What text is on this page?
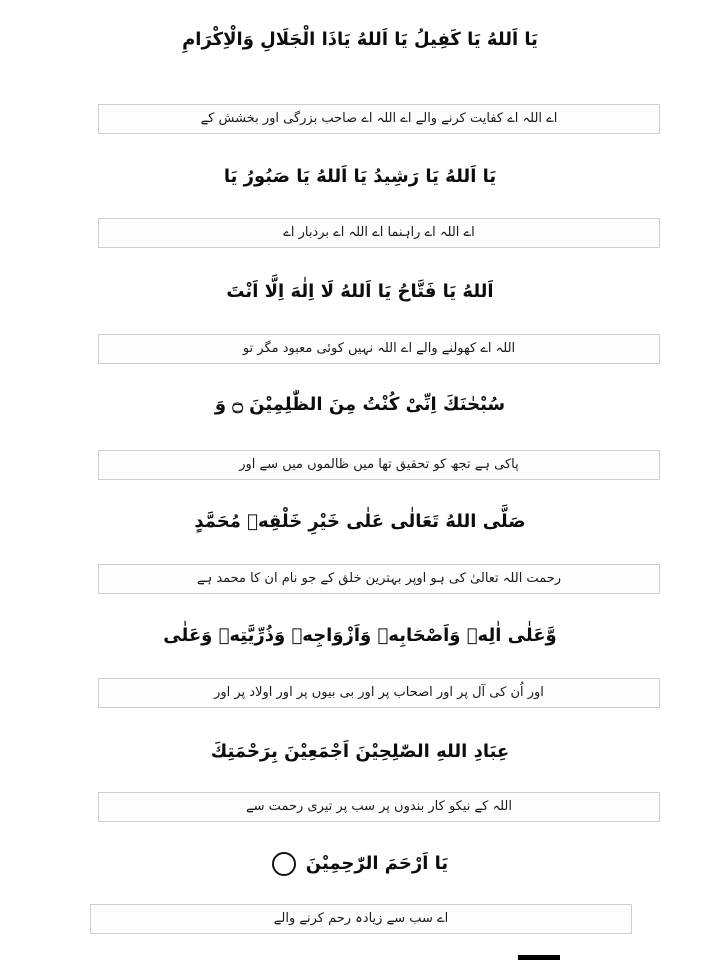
يَا اَللهُ يَا كَفِيلُ يَا اَللهُ يَاذَا الْجَلَالِ وَالْاِكْرَامِ
اے اللہ اے کفایت کرنے والے اے اللہ اے صاحب بزرگی اور بخشش کے
يَا اَللهُ يَا رَشِيدُ يَا اَللهُ يَا صَبُورُ يَا
اے اللہ اے راہنما اے اللہ اے بردبار اے
اَللهُ يَا فَتَّاحُ يَا اَللهُ لَا اِلٰهَ اِلَّا اَنْتَ
اللہ اے کھولنے والے اے اللہ نہیں کوئی معبود مگر تو
سُبْحٰنَكَ اِنِّیْ كُنْتُ مِنَ الظّٰلِمِيْنَ ۝ وَ
پاکی ہے تجھ کو تحقیق تھا میں ظالموں میں سے اور
صَلَّى اللهُ تَعَالٰى عَلٰى خَيْرِ خَلْقِهٖ مُحَمَّدٍ
رحمت اللہ تعالیٰ کی ہو اوپر بہترین خلق کے جو نام ان کا محمد ہے
وَّعَلٰى اٰلِهٖ وَاَصْحَابِهٖ وَاَزْوَاجِهٖ وَذُرِّيَّتِهٖ وَعَلٰى
اور اُن کی آل پر اور اصحاب پر اور بی بیوں پر اور اولاد پر اور
عِبَادِ اللهِ الصّٰلِحِيْنَ اَجْمَعِيْنَ بِرَحْمَتِكَ
اللہ کے نیکو کار بندوں پر سب پر تیری رحمت سے
يَا اَرْحَمَ الرّٰحِمِيْنَ
اے سب سے زیادہ رحم کرنے والے
